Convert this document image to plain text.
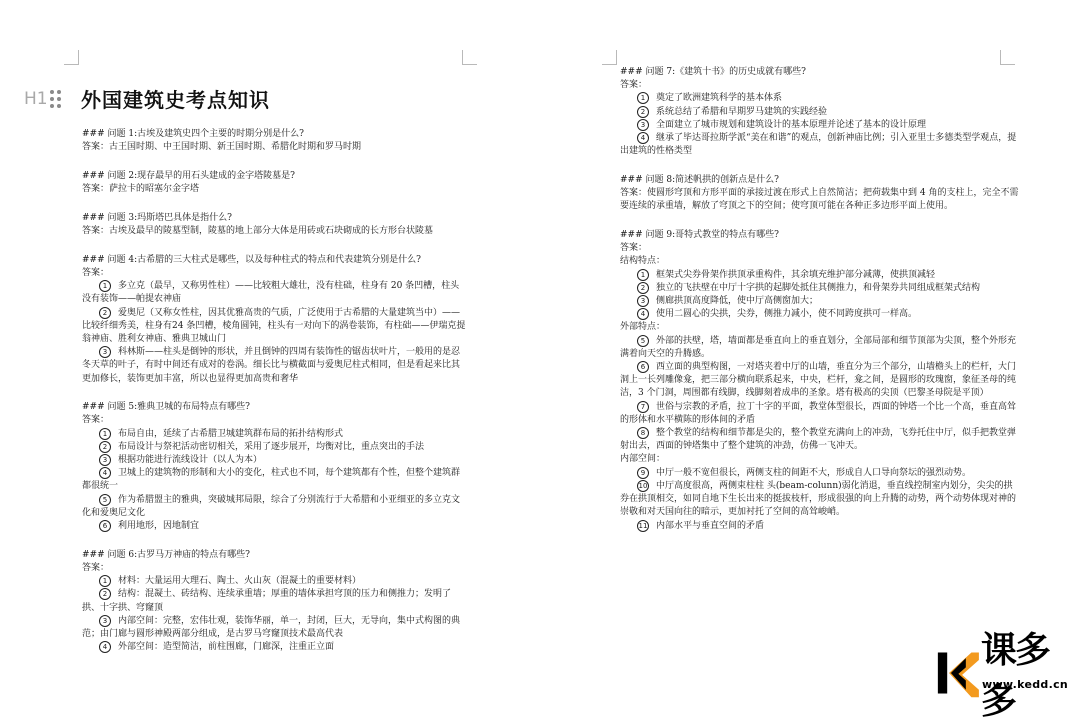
H1 外国建筑史考点知识

### 问题 1:古埃及建筑史四个主要的时期分别是什么?

答案：古王国时期、中王国时期、新王国时期、希腊化时期和罗马时期

### 问题 2:现存最早的用石头建成的金字塔陵墓是?

答案：萨拉卡的昭塞尔金字塔

### 问题 3:玛斯塔巴具体是指什么?

答案：古埃及最早的陵墓型制，陵墓的地上部分大体是用砖或石块砌成的长方形台状陵墓

### 问题 4:古希腊的三大柱式是哪些，以及每种柱式的特点和代表建筑分别是什么?

答案：

1 多立克（最早，又称男性柱）——比较粗大雄壮，没有柱础，柱身有 20 条凹槽，柱头没有装饰——帕提农神庙
2 爱奥尼（又称女性柱，因其优雅高贵的气质，广泛使用于古希腊的大量建筑当中）——比较纤细秀美，柱身有24 条凹槽，棱角圆钝，柱头有一对向下的涡卷装饰，有柱础——伊瑞克提翁神庙、胜利女神庙、雅典卫城山门
3 科林斯——柱头是倒钟的形状，并且倒钟的四周有装饰性的锯齿状叶片，一般用的是忍冬天草的叶子，有时中间还有成对的卷涡。细长比与横截面与爱奥尼柱式相同，但是看起来比其更加修长，装饰更加丰富，所以也显得更加高贵和奢华

### 问题 5:雅典卫城的布局特点有哪些?

答案：

1 布局自由，延续了古希腊卫城建筑群布局的拓扑结构形式
2 布局设计与祭祀活动密切相关，采用了逐步展开，均衡对比，重点突出的手法
3 根据功能进行流线设计（以人为本）
4 卫城上的建筑物的形制和大小的变化，柱式也不同，每个建筑都有个性，但整个建筑群都很统一
5 作为希腊盟主的雅典，突破城邦局限，综合了分别流行于大希腊和小亚细亚的多立克文化和爱奥尼文化
6 利用地形，因地制宜

### 问题 6:古罗马万神庙的特点有哪些?

答案：

1 材料：大量运用大理石、陶土、火山灰（混凝土的重要材料）
2 结构：混凝土、砖结构、连续承重墙；厚重的墙体承担穹顶的压力和侧推力；发明了拱、十字拱、穹窿顶
3 内部空间：完整，宏伟壮观，装饰华丽，单一，封闭，巨大，无导向，集中式构图的典范；由门廊与圆形神殿两部分组成，是古罗马穹窿顶技术最高代表
4 外部空间：造型简洁，前柱围廊，门廊深，注重正立面

### 问题 7:《建筑十书》的历史成就有哪些?

答案：

1 奠定了欧洲建筑科学的基本体系
2 系统总结了希腊和早期罗马建筑的实践经验
3 全面建立了城市规划和建筑设计的基本原理并论述了基本的设计原理
4 继承了毕达哥拉斯学派“美在和谐”的观点，创新神庙比例；引入亚里士多德类型学观点，提出建筑的性格类型

### 问题 8:简述帆拱的创新点是什么?

答案：使圆形穹顶和方形平面的承接过渡在形式上自然简洁；把荷载集中到 4 角的支柱上，完全不需要连续的承重墙，解放了穹顶之下的空间；使穹顶可能在各种正多边形平面上使用。

### 问题 9:哥特式教堂的特点有哪些?

答案：

结构特点：

1 框架式尖券骨架作拱顶承重构件，其余填充维护部分减薄，使拱顶减轻
2 独立的飞扶壁在中厅十字拱的起脚处抵住其侧推力，和骨架券共同组成框架式结构
3 侧廊拱顶高度降低，使中厅高侧窗加大；
4 使用二圆心的尖拱，尖券，侧推力减小，使不同跨度拱可一样高。

外部特点：

5 外部的扶壁，塔，墙面都是垂直向上的垂直划分，全部局部和细节顶部为尖顶，整个外形充满着向天空的升腾感。
6 西立面的典型构图，一对塔夹着中厅的山墙，垂直分为三个部分，山墙檐头上的栏杆，大门洞上一长列雕像龛，把三部分横向联系起来，中央，栏杆，龛之间，是圆形的玫瑰窗，象征圣母的纯洁，3 个门洞，周围都有线脚，线脚刻着成串的圣象。塔有极高的尖顶（巴黎圣母院是平顶）
7 世俗与宗教的矛盾，拉丁十字的平面，教堂体型很长，西面的钟塔一个比一个高，垂直高耸的形体和水平横陈的形体间的矛盾
8 整个教堂的结构和细节都是尖的，整个教堂充满向上的冲劲，飞券托住中厅，似手把教堂弹射出去，西面的钟塔集中了整个建筑的冲劲，仿佛一飞冲天。

内部空间：

9 中厅一般不宽但很长，两侧支柱的间距不大，形成自人口导向祭坛的强烈动势。
10 中厅高度很高，两侧束柱柱 头(beam-colunn)弱化消退，垂直线控制室内划分，尖尖的拱券在拱顶相交，如同自地下生长出来的挺拔枝杆，形成很强的向上升腾的动势，两个动势体现对神的崇敬和对天国向往的暗示，更加衬托了空间的高耸峻峭。
11 内部水平与垂直空间的矛盾
课多多
www.kedd.cn
